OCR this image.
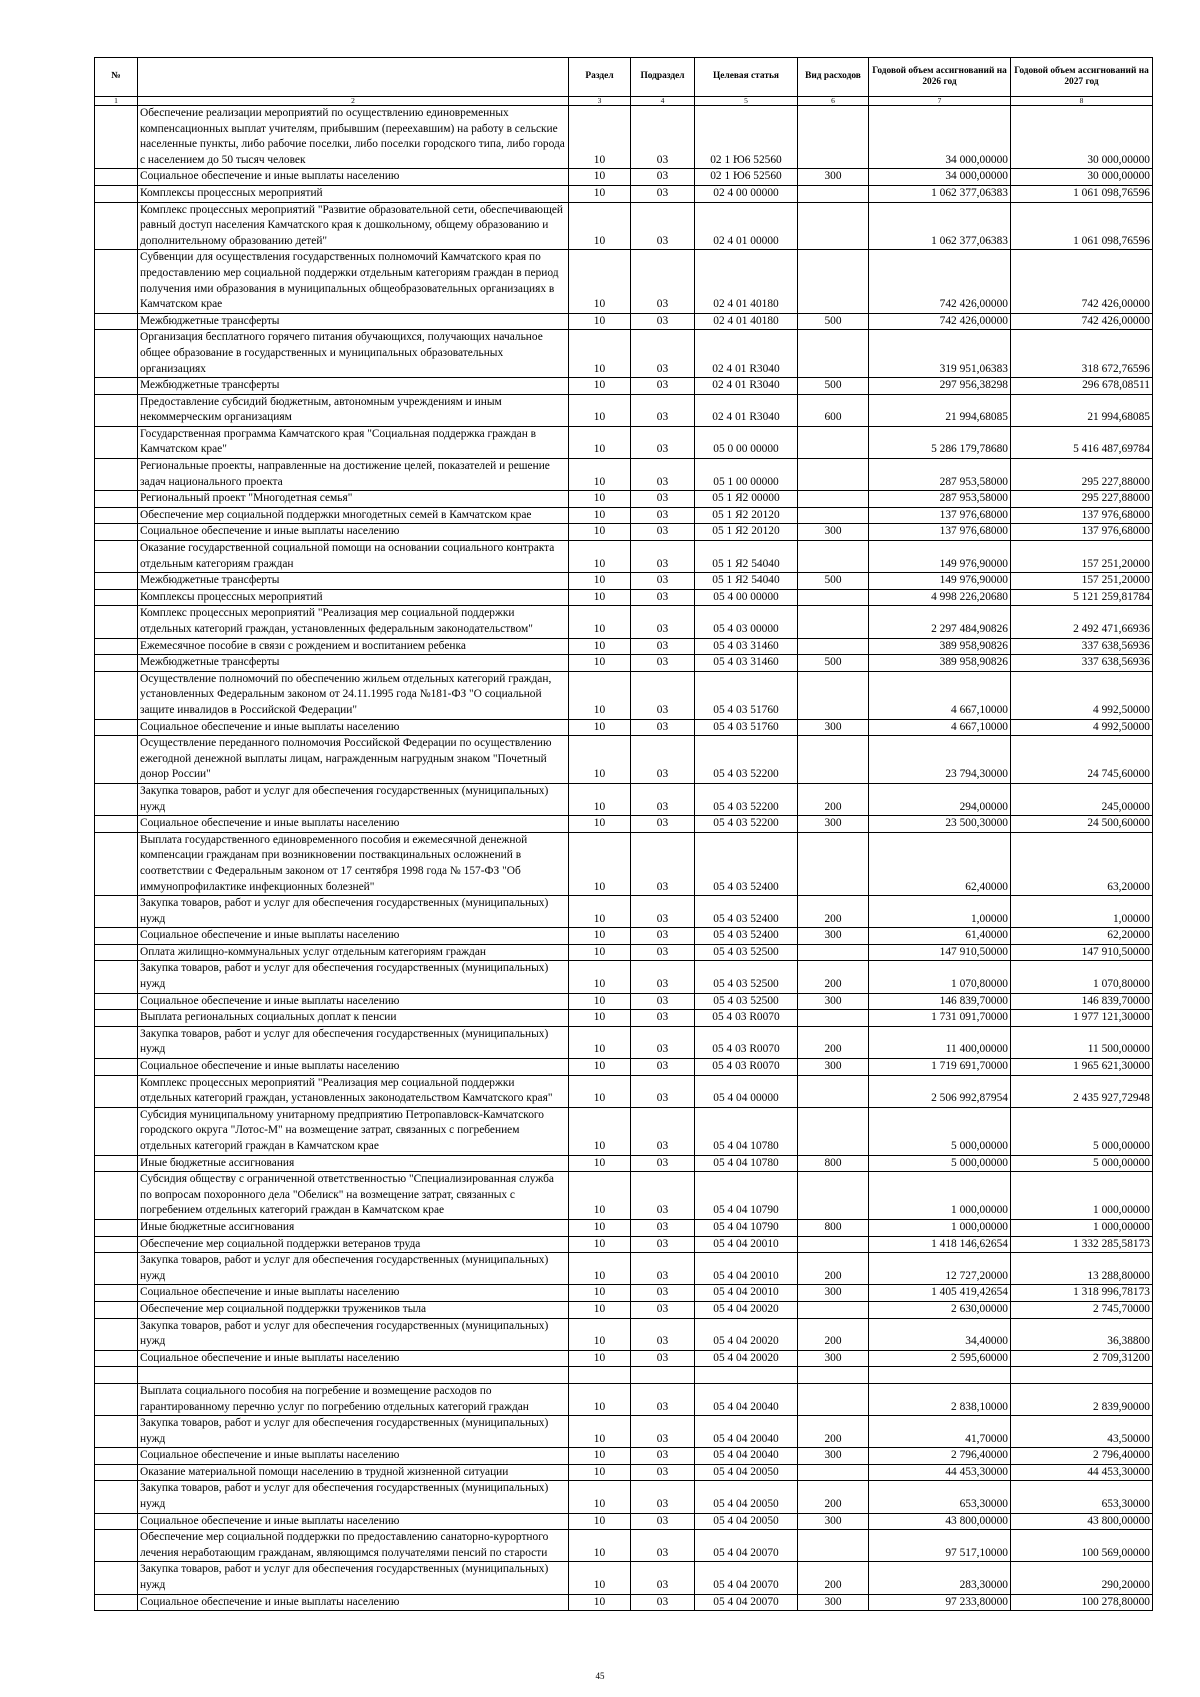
№		Раздел	Подраздел	Целевая статья	Вид расходов	Годовой объем ассигнований на 2026 год	Годовой объем ассигнований на 2027 год
1	2	3	4	5	6	7	8
	Обеспечение реализации мероприятий по осуществлению единовременных компенсационных выплат учителям, прибывшим (переехавшим) на работу в сельские населенные пункты, либо рабочие поселки, либо поселки городского типа, либо города с населением до 50 тысяч человек	10	03	02 1 Ю6 52560		34 000,00000	30 000,00000
	Социальное обеспечение и иные выплаты населению	10	03	02 1 Ю6 52560	300	34 000,00000	30 000,00000
	Комплексы процессных мероприятий	10	03	02 4 00 00000		1 062 377,06383	1 061 098,76596
	Комплекс процессных мероприятий "Развитие образовательной сети, обеспечивающей равный доступ населения Камчатского края к дошкольному, общему образованию и дополнительному образованию детей"	10	03	02 4 01 00000		1 062 377,06383	1 061 098,76596
	Субвенции для осуществления государственных полномочий Камчатского края по предоставлению мер социальной поддержки отдельным категориям граждан в период получения ими образования в муниципальных общеобразовательных организациях в Камчатском крае	10	03	02 4 01 40180		742 426,00000	742 426,00000
	Межбюджетные трансферты	10	03	02 4 01 40180	500	742 426,00000	742 426,00000
	Организация бесплатного горячего питания обучающихся, получающих начальное общее образование в государственных и муниципальных образовательных организациях	10	03	02 4 01 R3040		319 951,06383	318 672,76596
	Межбюджетные трансферты	10	03	02 4 01 R3040	500	297 956,38298	296 678,08511
	Предоставление субсидий бюджетным, автономным учреждениям и иным некоммерческим организациям	10	03	02 4 01 R3040	600	21 994,68085	21 994,68085
	Государственная программа Камчатского края "Социальная поддержка граждан в Камчатском крае"	10	03	05 0 00 00000		5 286 179,78680	5 416 487,69784
	Региональные проекты, направленные на достижение целей, показателей и решение задач национального проекта	10	03	05 1 00 00000		287 953,58000	295 227,88000
	Региональный проект "Многодетная семья"	10	03	05 1 Я2 00000		287 953,58000	295 227,88000
	Обеспечение мер социальной поддержки многодетных семей в Камчатском крае	10	03	05 1 Я2 20120		137 976,68000	137 976,68000
	Социальное обеспечение и иные выплаты населению	10	03	05 1 Я2 20120	300	137 976,68000	137 976,68000
	Оказание государственной социальной помощи на основании социального контракта отдельным категориям граждан	10	03	05 1 Я2 54040		149 976,90000	157 251,20000
	Межбюджетные трансферты	10	03	05 1 Я2 54040	500	149 976,90000	157 251,20000
	Комплексы процессных мероприятий	10	03	05 4 00 00000		4 998 226,20680	5 121 259,81784
	Комплекс процессных мероприятий "Реализация мер социальной поддержки отдельных категорий граждан, установленных федеральным законодательством"	10	03	05 4 03 00000		2 297 484,90826	2 492 471,66936
	Ежемесячное пособие в связи с рождением и воспитанием ребенка	10	03	05 4 03 31460		389 958,90826	337 638,56936
	Межбюджетные трансферты	10	03	05 4 03 31460	500	389 958,90826	337 638,56936
	Осуществление полномочий по обеспечению жильем отдельных категорий граждан, установленных Федеральным законом от 24.11.1995 года №181-ФЗ "О социальной защите инвалидов в Российской Федерации"	10	03	05 4 03 51760		4 667,10000	4 992,50000
	Социальное обеспечение и иные выплаты населению	10	03	05 4 03 51760	300	4 667,10000	4 992,50000
	Осуществление переданного полномочия Российской Федерации по осуществлению ежегодной денежной выплаты лицам, награжденным нагрудным знаком "Почетный донор России"	10	03	05 4 03 52200		23 794,30000	24 745,60000
	Закупка товаров, работ и услуг для обеспечения государственных (муниципальных) нужд	10	03	05 4 03 52200	200	294,00000	245,00000
	Социальное обеспечение и иные выплаты населению	10	03	05 4 03 52200	300	23 500,30000	24 500,60000
	Выплата государственного единовременного пособия и ежемесячной денежной компенсации гражданам при возникновении поствакцинальных осложнений в соответствии с Федеральным законом от 17 сентября 1998 года № 157-ФЗ "Об иммунопрофилактике инфекционных болезней"	10	03	05 4 03 52400		62,40000	63,20000
	Закупка товаров, работ и услуг для обеспечения государственных (муниципальных) нужд	10	03	05 4 03 52400	200	1,00000	1,00000
	Социальное обеспечение и иные выплаты населению	10	03	05 4 03 52400	300	61,40000	62,20000
	Оплата жилищно-коммунальных услуг отдельным категориям граждан	10	03	05 4 03 52500		147 910,50000	147 910,50000
	Закупка товаров, работ и услуг для обеспечения государственных (муниципальных) нужд	10	03	05 4 03 52500	200	1 070,80000	1 070,80000
	Социальное обеспечение и иные выплаты населению	10	03	05 4 03 52500	300	146 839,70000	146 839,70000
	Выплата региональных социальных доплат к пенсии	10	03	05 4 03 R0070		1 731 091,70000	1 977 121,30000
	Закупка товаров, работ и услуг для обеспечения государственных (муниципальных) нужд	10	03	05 4 03 R0070	200	11 400,00000	11 500,00000
	Социальное обеспечение и иные выплаты населению	10	03	05 4 03 R0070	300	1 719 691,70000	1 965 621,30000
	Комплекс процессных мероприятий "Реализация мер социальной поддержки отдельных категорий граждан, установленных законодательством Камчатского края"	10	03	05 4 04 00000		2 506 992,87954	2 435 927,72948
	Субсидия муниципальному унитарному предприятию Петропавловск-Камчатского городского округа "Лотос-М" на возмещение затрат, связанных с погребением отдельных категорий граждан в Камчатском крае	10	03	05 4 04 10780		5 000,00000	5 000,00000
	Иные бюджетные ассигнования	10	03	05 4 04 10780	800	5 000,00000	5 000,00000
	Субсидия обществу с ограниченной ответственностью "Специализированная служба по вопросам похоронного дела "Обелиск" на возмещение затрат, связанных с погребением отдельных категорий граждан в Камчатском крае	10	03	05 4 04 10790		1 000,00000	1 000,00000
	Иные бюджетные ассигнования	10	03	05 4 04 10790	800	1 000,00000	1 000,00000
	Обеспечение мер социальной поддержки ветеранов труда	10	03	05 4 04 20010		1 418 146,62654	1 332 285,58173
	Закупка товаров, работ и услуг для обеспечения государственных (муниципальных) нужд	10	03	05 4 04 20010	200	12 727,20000	13 288,80000
	Социальное обеспечение и иные выплаты населению	10	03	05 4 04 20010	300	1 405 419,42654	1 318 996,78173
	Обеспечение мер социальной поддержки тружеников тыла	10	03	05 4 04 20020		2 630,00000	2 745,70000
	Закупка товаров, работ и услуг для обеспечения государственных (муниципальных) нужд	10	03	05 4 04 20020	200	34,40000	36,38800
	Социальное обеспечение и иные выплаты населению	10	03	05 4 04 20020	300	2 595,60000	2 709,31200

	Выплата социального пособия на погребение и возмещение расходов по гарантированному перечню услуг по погребению отдельных категорий граждан	10	03	05 4 04 20040		2 838,10000	2 839,90000
	Закупка товаров, работ и услуг для обеспечения государственных (муниципальных) нужд	10	03	05 4 04 20040	200	41,70000	43,50000
	Социальное обеспечение и иные выплаты населению	10	03	05 4 04 20040	300	2 796,40000	2 796,40000
	Оказание материальной помощи населению в трудной жизненной ситуации	10	03	05 4 04 20050		44 453,30000	44 453,30000
	Закупка товаров, работ и услуг для обеспечения государственных (муниципальных) нужд	10	03	05 4 04 20050	200	653,30000	653,30000
	Социальное обеспечение и иные выплаты населению	10	03	05 4 04 20050	300	43 800,00000	43 800,00000
	Обеспечение мер социальной поддержки по предоставлению санаторно-курортного лечения неработающим гражданам, являющимся получателями пенсий по старости	10	03	05 4 04 20070		97 517,10000	100 569,00000
	Закупка товаров, работ и услуг для обеспечения государственных (муниципальных) нужд	10	03	05 4 04 20070	200	283,30000	290,20000
	Социальное обеспечение и иные выплаты населению	10	03	05 4 04 20070	300	97 233,80000	100 278,80000
45
